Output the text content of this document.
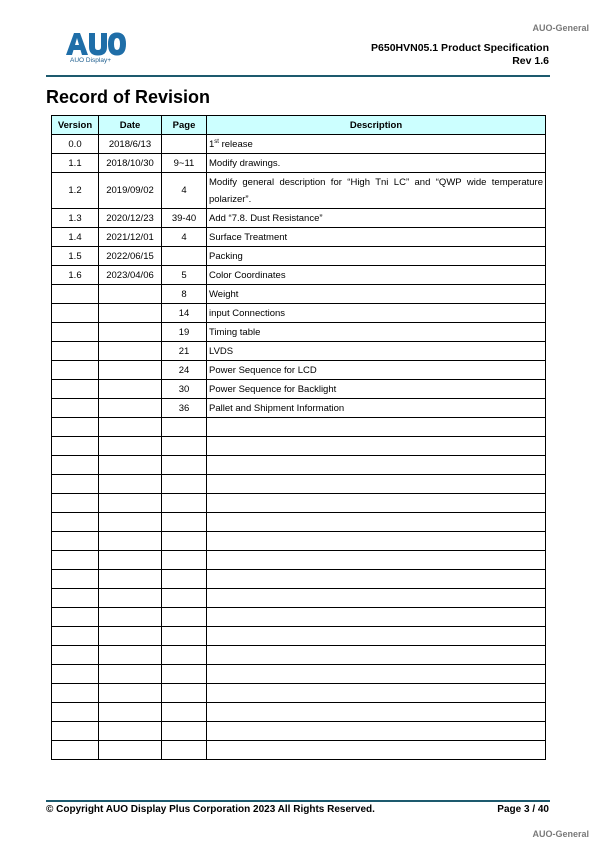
AUO-General
AUO Display+
P650HVN05.1 Product Specification
Rev 1.6
Record of Revision
Version	Date	Page	Description
0.0	2018/6/13		1st release
1.1	2018/10/30	9~11	Modify drawings.
1.2	2019/09/02	4	Modify general description for “High Tni LC” and “QWP wide temperature polarizer”.
1.3	2020/12/23	39-40	Add “7.8. Dust Resistance”
1.4	2021/12/01	4	Surface Treatment
1.5	2022/06/15		Packing
1.6	2023/04/06	5	Color Coordinates
		8	Weight
		14	input Connections
		19	Timing table
		21	LVDS
		24	Power Sequence for LCD
		30	Power Sequence for Backlight
		36	Pallet and Shipment Information

© Copyright AUO Display Plus Corporation 2023 All Rights Reserved.	Page 3 / 40
AUO-General
